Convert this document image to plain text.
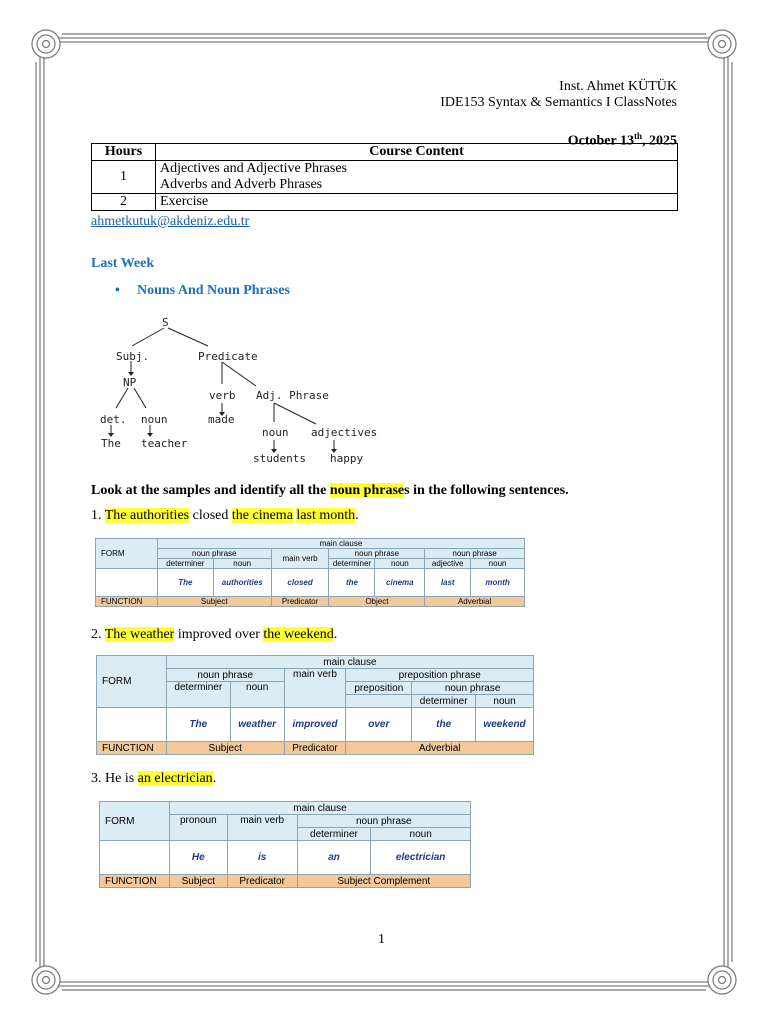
Inst. Ahmet KÜTÜK
IDE153 Syntax & Semantics I ClassNotes
October 13th, 2025
Hours	Course Content
1	Adjectives and Adjective Phrases
Adverbs and Adverb Phrases

2	Exercise
ahmetkutuk@akdeniz.edu.tr
Last Week
• Nouns And Noun Phrases
S
Subj.	Predicate
NP
verb Adj. Phrase
det. noun	made
The teacher
noun adjectives
students happy
Look at the samples and identify all the noun phrases in the following sentences.
1. The authorities closed the cinema last month.
FORM	main clause						
	noun phrase		main verb	noun phrase		noun phrase	
	determiner	noun		determiner	noun	adjective	noun
	The	authorities	closed	the	cinema	last	month
FUNCTION	Subject		Predicator	Object		Adverbial	
2. The weather improved over the weekend.
FORM	main clause					
	noun phrase		main verb	preposition phrase		
	determiner	noun		preposition	noun phrase	
					determiner	noun
	The	weather	improved	over	the	weekend
FUNCTION	Subject		Predicator	Adverbial		
3. He is an electrician.
FORM	main clause			
	pronoun	main verb	noun phrase	
			determiner	noun
	He	is	an	electrician
FUNCTION	Subject	Predicator	Subject Complement	
1
